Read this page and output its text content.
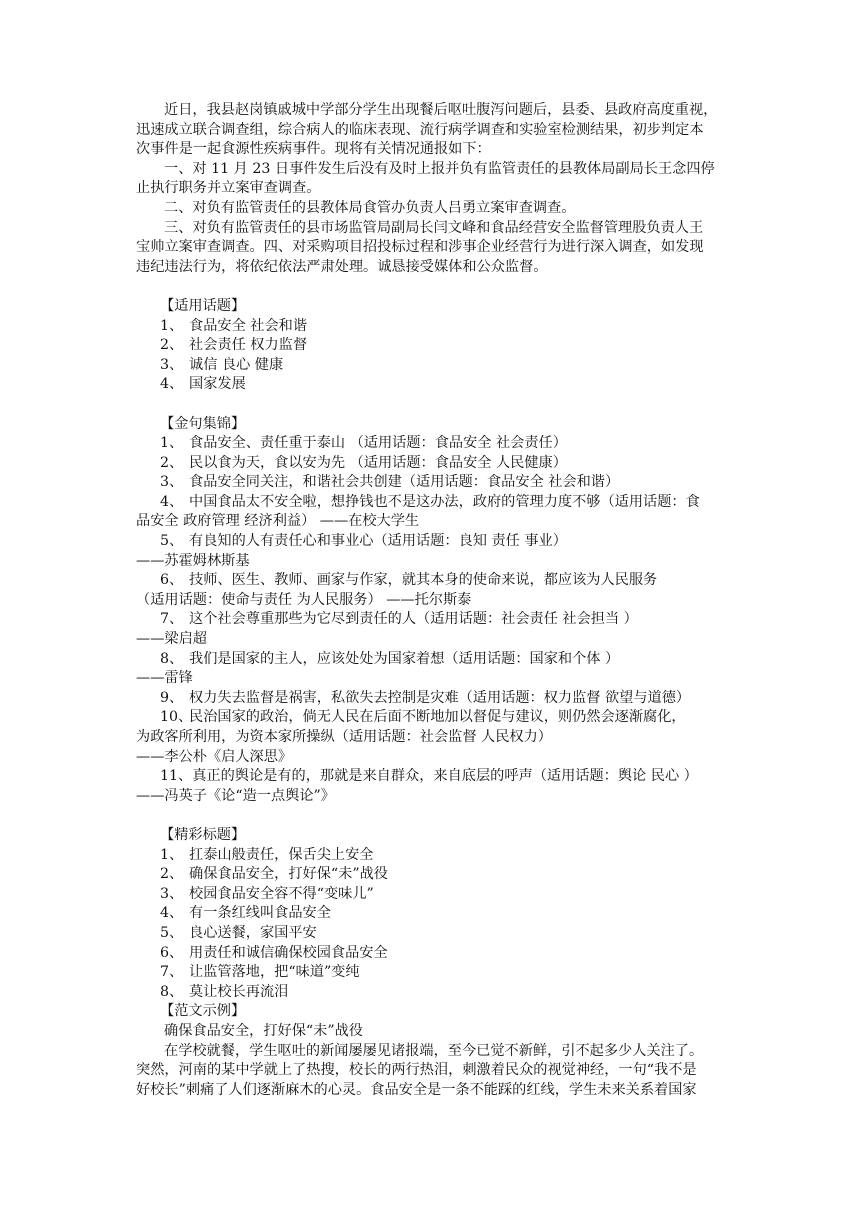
近日，我县赵岗镇戚城中学部分学生出现餐后呕吐腹泻问题后，县委、县政府高度重视，
迅速成立联合调查组，综合病人的临床表现、流行病学调查和实验室检测结果，初步判定本
次事件是一起食源性疾病事件。现将有关情况通报如下：
一、对 11 月 23 日事件发生后没有及时上报并负有监管责任的县教体局副局长王念四停
止执行职务并立案审查调查。
二、对负有监管责任的县教体局食管办负责人吕勇立案审查调查。
三、对负有监管责任的县市场监管局副局长闫文峰和食品经营安全监督管理股负责人王
宝帅立案审查调查。四、对采购项目招投标过程和涉事企业经营行为进行深入调查，如发现
违纪违法行为，将依纪依法严肃处理。诚恳接受媒体和公众监督。
【适用话题】
1、 食品安全 社会和谐
2、 社会责任 权力监督
3、 诚信 良心 健康
4、 国家发展
【金句集锦】
1、 食品安全、责任重于泰山 （适用话题：食品安全 社会责任）
2、 民以食为天，食以安为先 （适用话题：食品安全 人民健康）
3、 食品安全同关注，和谐社会共创建（适用话题：食品安全 社会和谐）
4、 中国食品太不安全啦，想挣钱也不是这办法，政府的管理力度不够（适用话题：食
品安全 政府管理 经济利益） ——在校大学生
5、 有良知的人有责任心和事业心（适用话题：良知 责任 事业）
——苏霍姆林斯基
6、 技师、医生、教师、画家与作家，就其本身的使命来说，都应该为人民服务
（适用话题：使命与责任 为人民服务） ——托尔斯泰
7、 这个社会尊重那些为它尽到责任的人（适用话题：社会责任 社会担当 ）
——梁启超
8、 我们是国家的主人，应该处处为国家着想（适用话题：国家和个体 ）
——雷锋
9、 权力失去监督是祸害，私欲失去控制是灾难（适用话题：权力监督 欲望与道德）
10、民治国家的政治，倘无人民在后面不断地加以督促与建议，则仍然会逐渐腐化，
为政客所利用，为资本家所操纵（适用话题：社会监督 人民权力）
——李公朴《启人深思》
11、真正的舆论是有的，那就是来自群众，来自底层的呼声（适用话题：舆论 民心 ）
——冯英子《论“造一点舆论”》
【精彩标题】
1、 扛泰山般责任，保舌尖上安全
2、 确保食品安全，打好保“未”战役
3、 校园食品安全容不得“变味儿”
4、 有一条红线叫食品安全
5、 良心送餐，家国平安
6、 用责任和诚信确保校园食品安全
7、 让监管落地，把“味道”变纯
8、 莫让校长再流泪
【范文示例】
确保食品安全，打好保“未”战役
在学校就餐，学生呕吐的新闻屡屡见诸报端，至今已觉不新鲜，引不起多少人关注了。
突然，河南的某中学就上了热搜，校长的两行热泪，刺激着民众的视觉神经，一句“我不是
好校长”刺痛了人们逐渐麻木的心灵。食品安全是一条不能踩的红线，学生未来关系着国家
